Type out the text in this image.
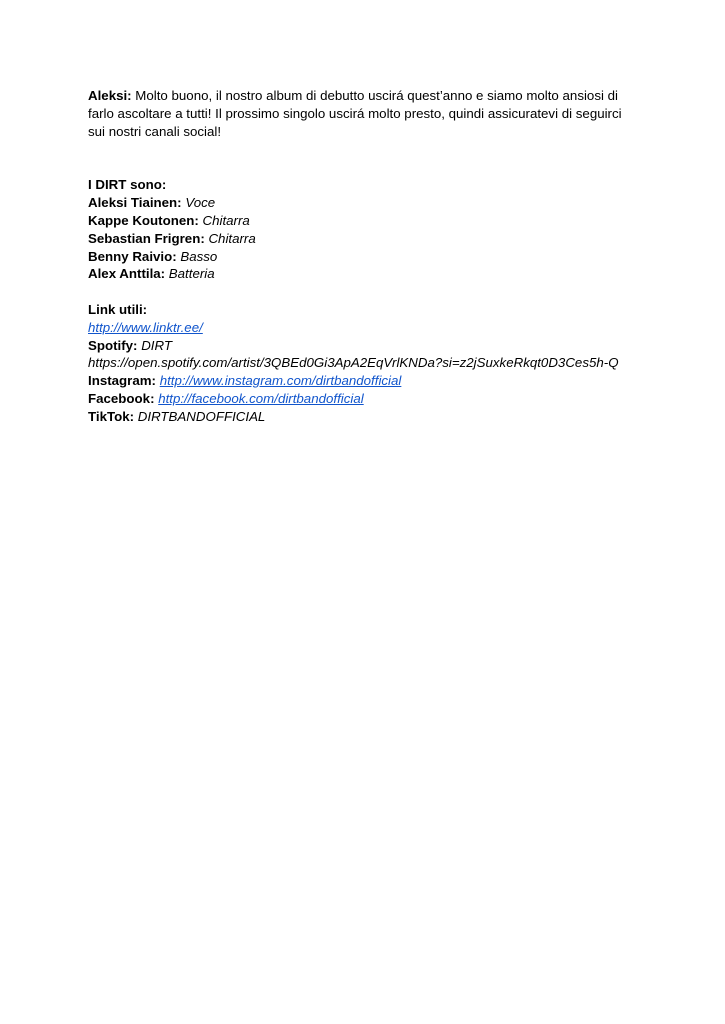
Aleksi: Molto buono, il nostro album di debutto uscirá quest’anno e siamo molto ansiosi di farlo ascoltare a tutti! Il prossimo singolo uscirá molto presto, quindi assicuratevi di seguirci sui nostri canali social!

I DIRT sono:
Aleksi Tiainen: Voce
Kappe Koutonen: Chitarra
Sebastian Frigren: Chitarra
Benny Raivio: Basso
Alex Anttila: Batteria
Link utili:
http://www.linktr.ee/
Spotify: DIRT
https://open.spotify.com/artist/3QBEd0Gi3ApA2EqVrlKNDa?si=z2jSuxkeRkqt0D3Ces5h-Q
Instagram: http://www.instagram.com/dirtbandofficial
Facebook: http://facebook.com/dirtbandofficial
TikTok: DIRTBANDOFFICIAL
